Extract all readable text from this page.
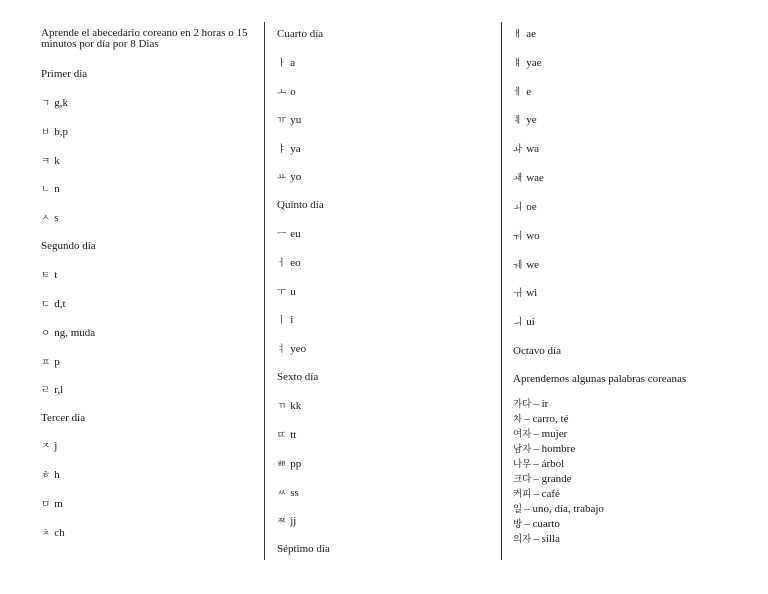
Aprende el abecedario coreano en 2 horas o 15 minutos por día por 8 Dias
Primer dia
ㄱ g,k
ㅂ b,p
ㅋ k
ㄴ n
ㅅ s
Segundo día
ㅌ t
ㄷ d,t
ㅇ ng, muda
ㅍ p
ㄹ r,l
Tercer día
ㅈ j
ㅎ h
ㅁ m
ㅊ ch
Cuarto día
ㅏ a
ㅗ o
ㅠ yu
ㅑ ya
ㅛ yo
Quinto día
ㅡ eu
ㅓ eo
ㅜ u
ㅣ i
ㅕ yeo
Sexto día
ㄲ kk
ㄸ tt
ㅃ pp
ㅆ ss
ㅉ jj
Séptimo día
ㅐ ae
ㅒ yae
ㅔ e
ㅖ ye
ㅘ wa
ㅙ wae
ㅚ oe
ㅝ wo
ㅞ we
ㅟ wi
ㅢ ui
Octavo día
Aprendemos algunas palabras coreanas
가다 – ir
차 – carro, té
여자 – mujer
남자 – hombre
나무 – árbol
크다 – grande
커피 – café
일 – uno, día, trabajo
방 – cuarto
의자 – silla
